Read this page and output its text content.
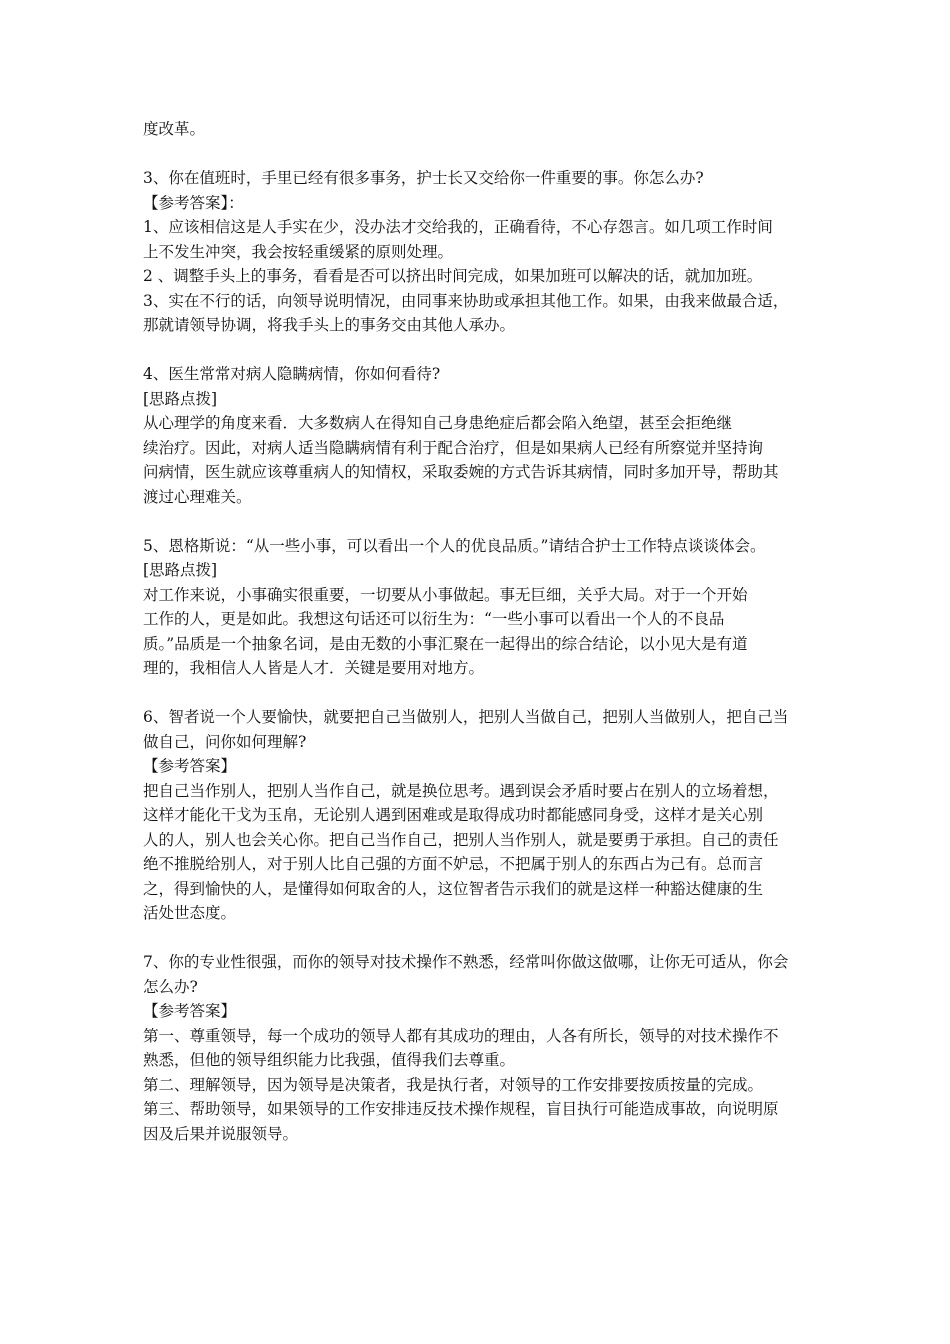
度改革。
3、你在值班时，手里已经有很多事务，护士长又交给你一件重要的事。你怎么办?
【参考答案】：
1、应该相信这是人手实在少，没办法才交给我的，正确看待，不心存怨言。如几项工作时间
上不发生冲突，我会按轻重缓紧的原则处理。
2 、调整手头上的事务，看看是否可以挤出时间完成，如果加班可以解决的话，就加加班。
3、实在不行的话，向领导说明情况，由同事来协助或承担其他工作。如果，由我来做最合适，
那就请领导协调，将我手头上的事务交由其他人承办。
4、医生常常对病人隐瞒病情，你如何看待?
[思路点拨]
从心理学的角度来看．大多数病人在得知自己身患绝症后都会陷入绝望，甚至会拒绝继
续治疗。因此，对病人适当隐瞒病情有利于配合治疗，但是如果病人已经有所察觉并坚持询
问病情，医生就应该尊重病人的知情权，采取委婉的方式告诉其病情，同时多加开导，帮助其
渡过心理难关。
5、恩格斯说：“从一些小事，可以看出一个人的优良品质。”请结合护士工作特点谈谈体会。
[思路点拨]
对工作来说，小事确实很重要，一切要从小事做起。事无巨细，关乎大局。对于一个开始
工作的人，更是如此。我想这句话还可以衍生为：“一些小事可以看出一个人的不良品
质。”品质是一个抽象名词，是由无数的小事汇聚在一起得出的综合结论，以小见大是有道
理的，我相信人人皆是人才．关键是要用对地方。
6、智者说一个人要愉快，就要把自己当做别人，把别人当做自己，把别人当做别人，把自己当
做自己，问你如何理解?
【参考答案】
把自己当作别人，把别人当作自己，就是换位思考。遇到误会矛盾时要占在别人的立场着想，
这样才能化干戈为玉帛，无论别人遇到困难或是取得成功时都能感同身受，这样才是关心别
人的人，别人也会关心你。把自己当作自己，把别人当作别人，就是要勇于承担。自己的责任
绝不推脱给别人，对于别人比自己强的方面不妒忌，不把属于别人的东西占为己有。总而言
之，得到愉快的人，是懂得如何取舍的人，这位智者告示我们的就是这样一种豁达健康的生
活处世态度。
7、你的专业性很强，而你的领导对技术操作不熟悉，经常叫你做这做哪，让你无可适从，你会
怎么办?
【参考答案】
第一、尊重领导，每一个成功的领导人都有其成功的理由，人各有所长，领导的对技术操作不
熟悉，但他的领导组织能力比我强，值得我们去尊重。
第二、理解领导，因为领导是决策者，我是执行者，对领导的工作安排要按质按量的完成。
第三、帮助领导，如果领导的工作安排违反技术操作规程，盲目执行可能造成事故，向说明原
因及后果并说服领导。
